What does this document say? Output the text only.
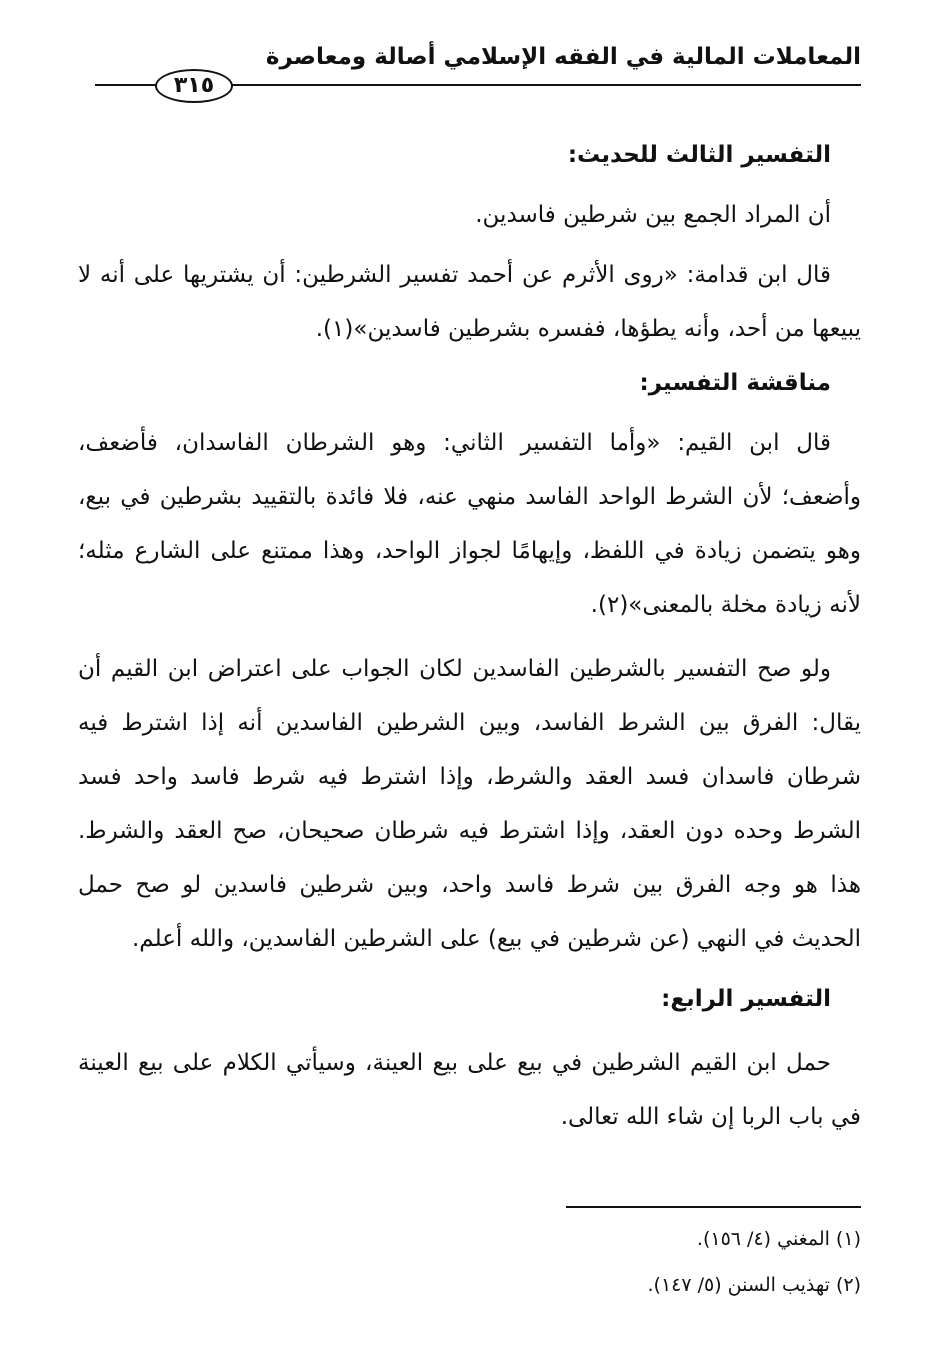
المعاملات المالية في الفقه الإسلامي أصالة ومعاصرة
٣١٥

التفسير الثالث للحديث:

أن المراد الجمع بين شرطين فاسدين.

قال ابن قدامة: «روى الأثرم عن أحمد تفسير الشرطين: أن يشتريها على أنه لا يبيعها من أحد، وأنه يطؤها، ففسره بشرطين فاسدين»(١).

مناقشة التفسير:

قال ابن القيم: «وأما التفسير الثاني: وهو الشرطان الفاسدان، فأضعف، وأضعف؛ لأن الشرط الواحد الفاسد منهي عنه، فلا فائدة بالتقييد بشرطين في بيع، وهو يتضمن زيادة في اللفظ، وإيهامًا لجواز الواحد، وهذا ممتنع على الشارع مثله؛ لأنه زيادة مخلة بالمعنى»(٢).

ولو صح التفسير بالشرطين الفاسدين لكان الجواب على اعتراض ابن القيم أن يقال: الفرق بين الشرط الفاسد، وبين الشرطين الفاسدين أنه إذا اشترط فيه شرطان فاسدان فسد العقد والشرط، وإذا اشترط فيه شرط فاسد واحد فسد الشرط وحده دون العقد، وإذا اشترط فيه شرطان صحيحان، صح العقد والشرط. هذا هو وجه الفرق بين شرط فاسد واحد، وبين شرطين فاسدين لو صح حمل الحديث في النهي (عن شرطين في بيع) على الشرطين الفاسدين، والله أعلم.

التفسير الرابع:

حمل ابن القيم الشرطين في بيع على بيع العينة، وسيأتي الكلام على بيع العينة في باب الربا إن شاء الله تعالى.

(١) المغني (٤/ ١٥٦).

(٢) تهذيب السنن (٥/ ١٤٧).
